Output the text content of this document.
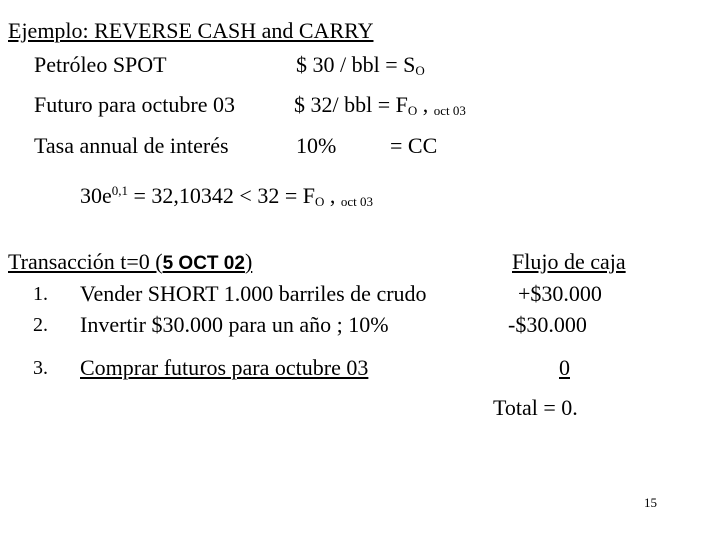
Ejemplo: REVERSE CASH and CARRY
Petróleo SPOT	$ 30 / bbl = $S_O$
Futuro para octubre 03	$ 32/ bbl = $F_O$ , $_{oct 03}$
Tasa annual de interés	10% = CC
$30e^{0,1} = 32,10342 < 32 = F_O$ , $_{oct 03}$
Transacción t=0 (5 OCT 02)	Flujo de caja
1. Vender SHORT 1.000 barriles de crudo	+$30.000
2. Invertir $30.000 para un año ; 10%	-$30.000
3. Comprar futuros para octubre 03	0
Total = 0.
15
